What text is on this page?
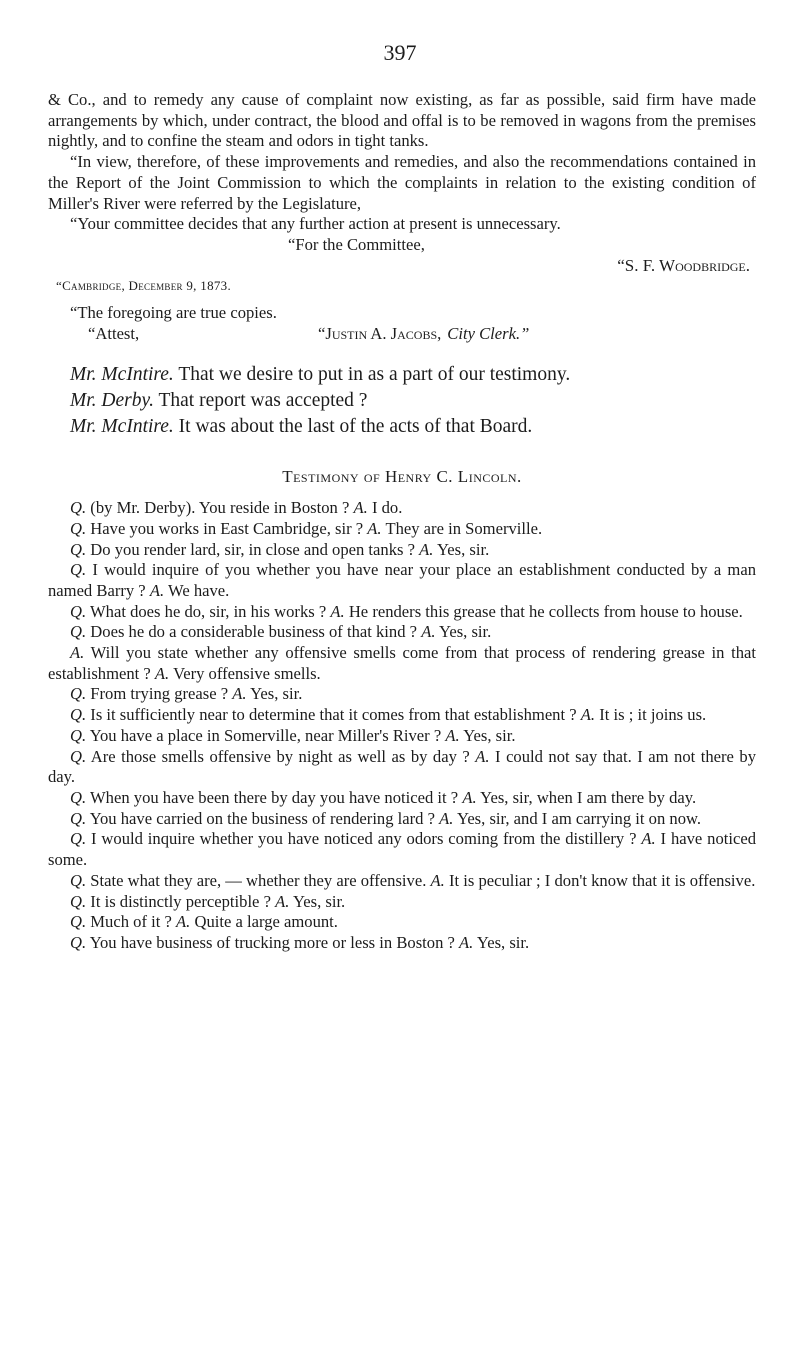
397

& Co., and to remedy any cause of complaint now existing, as far as possible, said firm have made arrangements by which, under contract, the blood and offal is to be removed in wagons from the premises nightly, and to confine the steam and odors in tight tanks.

“In view, therefore, of these improvements and remedies, and also the recommendations contained in the Report of the Joint Commission to which the complaints in relation to the existing condition of Miller's River were referred by the Legislature,

“Your committee decides that any further action at present is unnecessary.

“For the Committee,

“S. F. Woodbridge.

“Cambridge, December 9, 1873.

“The foregoing are true copies.

“Attest,	“Justin A. Jacobs, City Clerk.”

Mr. McIntire. That we desire to put in as a part of our testimony.

Mr. Derby. That report was accepted ?

Mr. McIntire. It was about the last of the acts of that Board.

Testimony of Henry C. Lincoln.

Q. (by Mr. Derby). You reside in Boston ? A. I do.

Q. Have you works in East Cambridge, sir ? A. They are in Somerville.

Q. Do you render lard, sir, in close and open tanks ? A. Yes, sir.

Q. I would inquire of you whether you have near your place an establishment conducted by a man named Barry ? A. We have.

Q. What does he do, sir, in his works ? A. He renders this grease that he collects from house to house.

Q. Does he do a considerable business of that kind ? A. Yes, sir.

A. Will you state whether any offensive smells come from that process of rendering grease in that establishment ? A. Very offensive smells.

Q. From trying grease ? A. Yes, sir.

Q. Is it sufficiently near to determine that it comes from that establishment ? A. It is ; it joins us.

Q. You have a place in Somerville, near Miller's River ? A. Yes, sir.

Q. Are those smells offensive by night as well as by day ? A. I could not say that. I am not there by day.

Q. When you have been there by day you have noticed it ? A. Yes, sir, when I am there by day.

Q. You have carried on the business of rendering lard ? A. Yes, sir, and I am carrying it on now.

Q. I would inquire whether you have noticed any odors coming from the distillery ? A. I have noticed some.

Q. State what they are, — whether they are offensive. A. It is peculiar ; I don't know that it is offensive.

Q. It is distinctly perceptible ? A. Yes, sir.

Q. Much of it ? A. Quite a large amount.

Q. You have business of trucking more or less in Boston ? A. Yes, sir.
